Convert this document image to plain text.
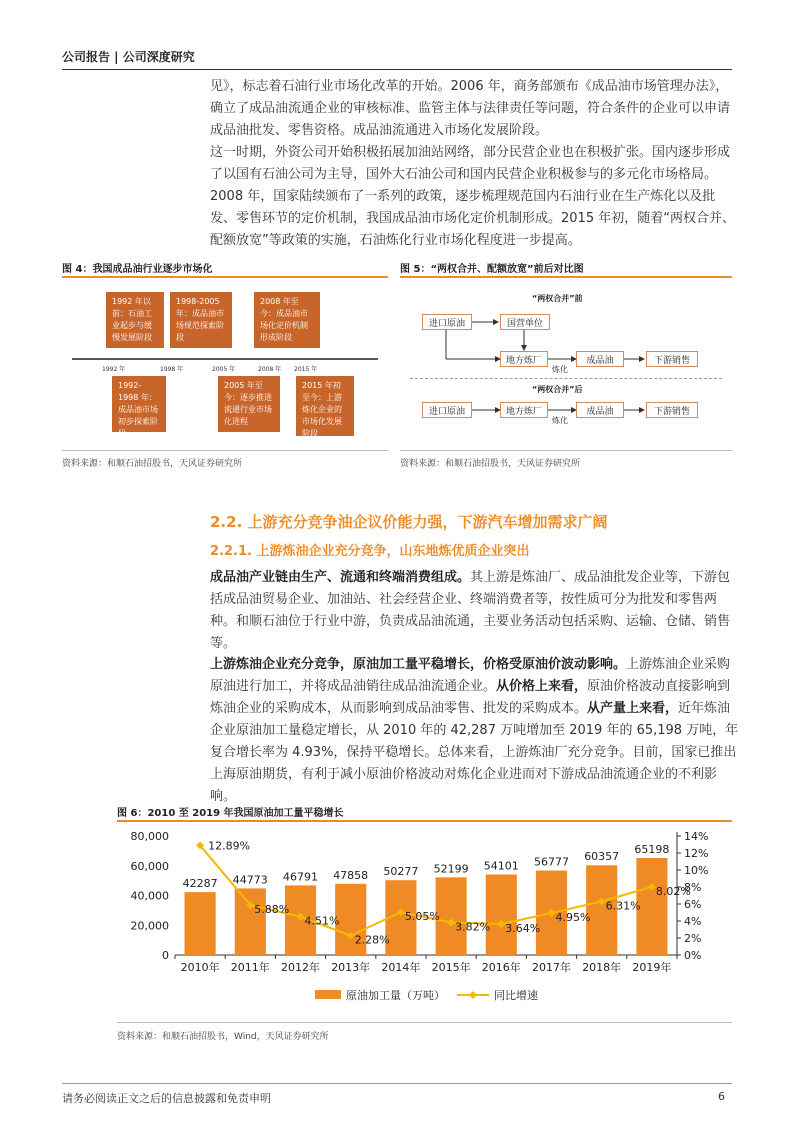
公司报告 | 公司深度研究

见》，标志着石油行业市场化改革的开始。2006 年，商务部颁布《成品油市场管理办法》，确立了成品油流通企业的审核标准、监管主体与法律责任等问题，符合条件的企业可以申请成品油批发、零售资格。成品油流通进入市场化发展阶段。

这一时期，外资公司开始积极拓展加油站网络，部分民营企业也在积极扩张。国内逐步形成了以国有石油公司为主导，国外大石油公司和国内民营企业积极参与的多元化市场格局。

2008 年，国家陆续颁布了一系列的政策，逐步梳理规范国内石油行业在生产炼化以及批发、零售环节的定价机制，我国成品油市场化定价机制形成。2015 年初，随着“两权合并、配额放宽”等政策的实施，石油炼化行业市场化程度进一步提高。

图 4：我国成品油行业逐步市场化
1992 年以前：石油工业起步与缓慢发展阶段
1998-2005 年：成品油市场规范探索阶段
2008 年至今：成品油市场化定价机制形成阶段
1992 年	1998 年	2005 年	2008 年 2015 年
1992-1998 年：成品油市场初步探索阶段
2005 年至今：逐步推进流通行业市场化进程
2015 年初至今：上游炼化企业的市场化发展阶段
资料来源：和顺石油招股书，天风证券研究所
图 5：“两权合并、配额放宽”前后对比图
“两权合并”前
进口原油	国营单位
地方炼厂
炼化
成品油	下游销售
“两权合并”后
进口原油	地方炼厂
炼化
成品油	下游销售
资料来源：和顺石油招股书，天风证券研究所
2.2. 上游充分竞争油企议价能力强，下游汽车增加需求广阔
2.2.1. 上游炼油企业充分竞争，山东地炼优质企业突出

成品油产业链由生产、流通和终端消费组成。其上游是炼油厂、成品油批发企业等，下游包括成品油贸易企业、加油站、社会经营企业、终端消费者等，按性质可分为批发和零售两种。和顺石油位于行业中游，负责成品油流通，主要业务活动包括采购、运输、仓储、销售等。

上游炼油企业充分竞争，原油加工量平稳增长，价格受原油价波动影响。上游炼油企业采购原油进行加工，并将成品油销往成品油流通企业。从价格上来看，原油价格波动直接影响到炼油企业的采购成本，从而影响到成品油零售、批发的采购成本。从产量上来看，近年炼油企业原油加工量稳定增长，从 2010 年的 42,287 万吨增加至 2019 年的 65,198 万吨，年复合增长率为 4.93%，保持平稳增长。总体来看，上游炼油厂充分竞争。目前，国家已推出上海原油期货，有利于减小原油价格波动对炼化企业进而对下游成品油流通企业的不利影响。

图 6：2010 至 2019 年我国原油加工量平稳增长
0
20,000
40,000
60,000
80,000
0%
2%
4%
6%
8%
10%
12%
14%
42287
2010年
44773
2011年
46791
2012年
47858
2013年
50277
2014年
52199
2015年
54101
2016年
56777
2017年
60357
2018年
65198
2019年
12.89%
5.88%
4.51%
2.28%
5.05%
3.82% 3.64%
4.95%
6.31%
8.02%
原油加工量（万吨）	同比增速
资料来源：和顺石油招股书，Wind，天风证券研究所
请务必阅读正文之后的信息披露和免责申明	6
